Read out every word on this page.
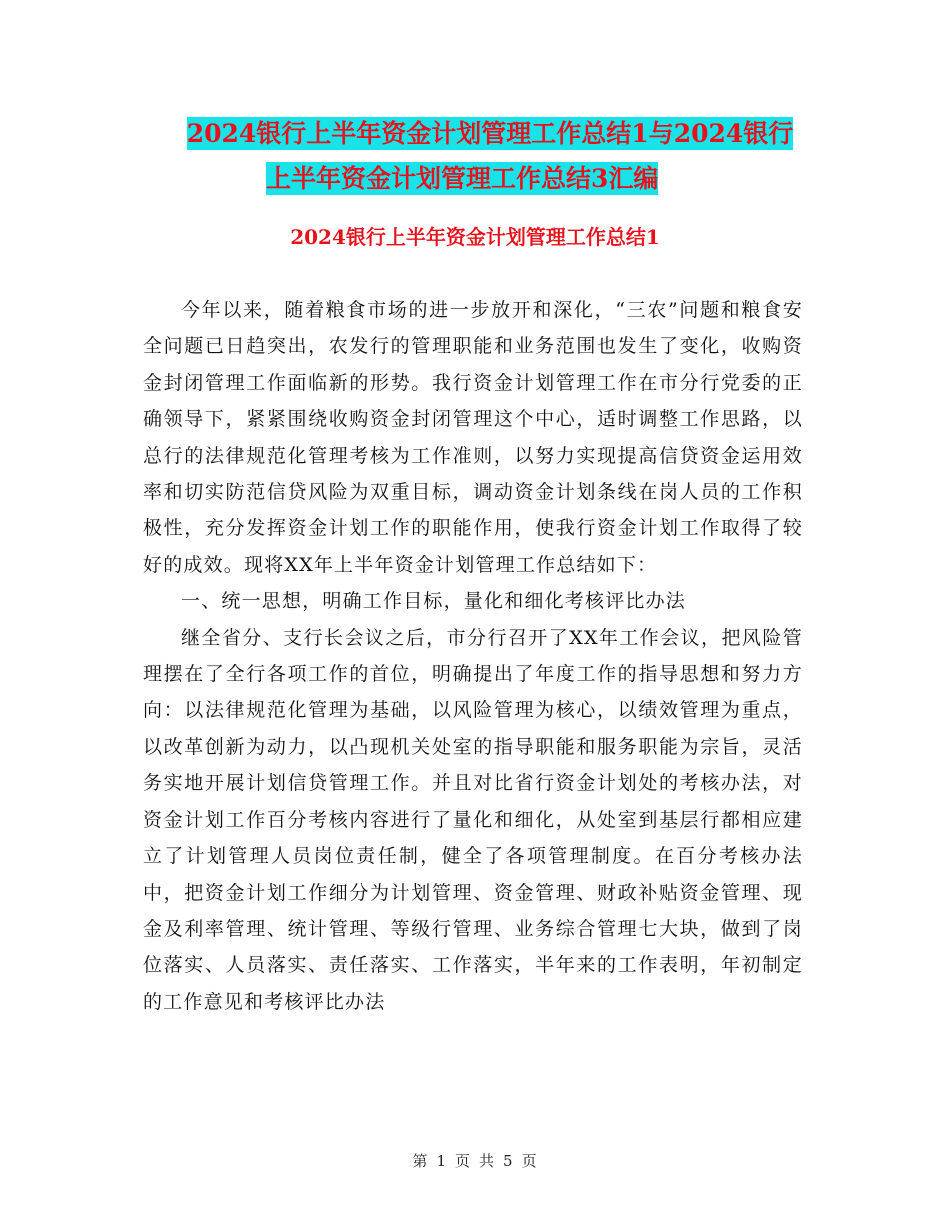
2024银行上半年资金计划管理工作总结1与2024银行
上半年资金计划管理工作总结3汇编
2024银行上半年资金计划管理工作总结1

今年以来，随着粮食市场的进一步放开和深化，“三农”问题和粮食安全问题已日趋突出，农发行的管理职能和业务范围也发生了变化，收购资金封闭管理工作面临新的形势。我行资金计划管理工作在市分行党委的正确领导下，紧紧围绕收购资金封闭管理这个中心，适时调整工作思路，以总行的法律规范化管理考核为工作准则，以努力实现提高信贷资金运用效率和切实防范信贷风险为双重目标，调动资金计划条线在岗人员的工作积极性，充分发挥资金计划工作的职能作用，使我行资金计划工作取得了较好的成效。现将XX年上半年资金计划管理工作总结如下：

一、统一思想，明确工作目标，量化和细化考核评比办法

继全省分、支行长会议之后，市分行召开了XX年工作会议，把风险管理摆在了全行各项工作的首位，明确提出了年度工作的指导思想和努力方向：以法律规范化管理为基础，以风险管理为核心，以绩效管理为重点，以改革创新为动力，以凸现机关处室的指导职能和服务职能为宗旨，灵活务实地开展计划信贷管理工作。并且对比省行资金计划处的考核办法，对资金计划工作百分考核内容进行了量化和细化，从处室到基层行都相应建立了计划管理人员岗位责任制，健全了各项管理制度。在百分考核办法中，把资金计划工作细分为计划管理、资金管理、财政补贴资金管理、现金及利率管理、统计管理、等级行管理、业务综合管理七大块，做到了岗位落实、人员落实、责任落实、工作落实，半年来的工作表明，年初制定的工作意见和考核评比办法

第 1 页 共 5 页
